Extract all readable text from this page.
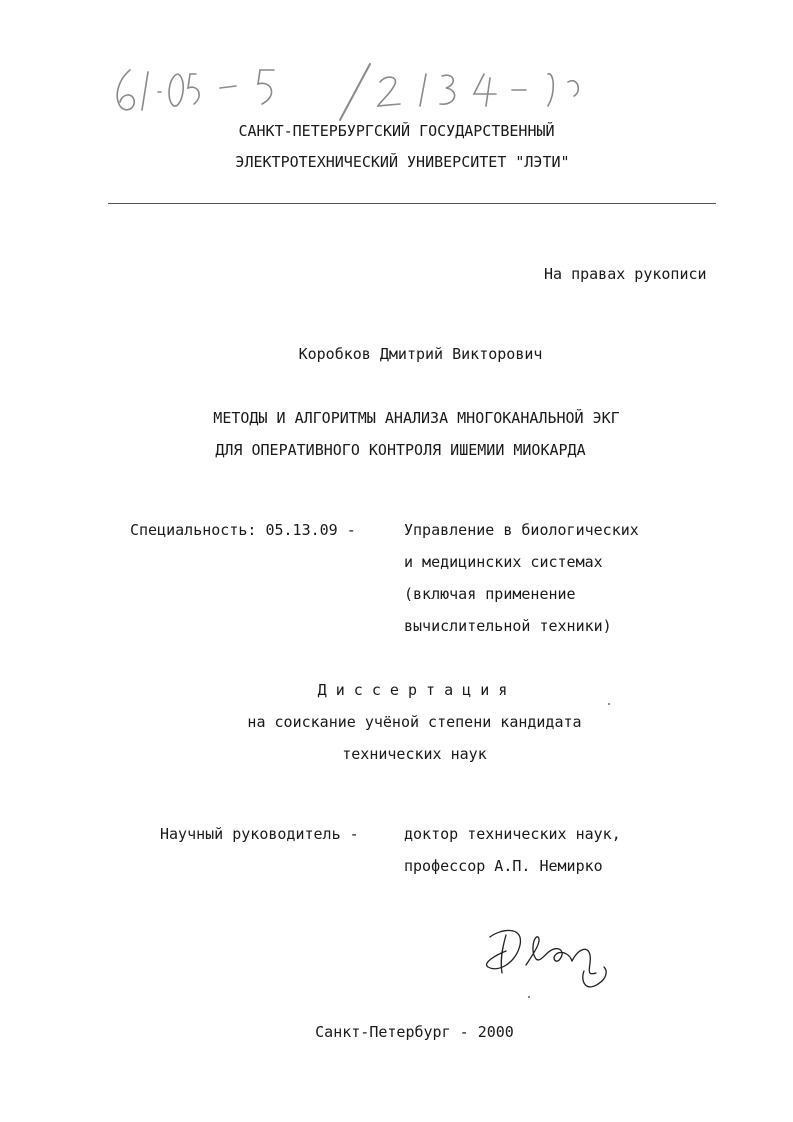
САНКТ-ПЕТЕРБУРГСКИЙ ГОСУДАРСТВЕННЫЙ
ЭЛЕКТРОТЕХНИЧЕСКИЙ УНИВЕРСИТЕТ "ЛЭТИ"
На правах рукописи
Коробков Дмитрий Викторович
МЕТОДЫ И АЛГОРИТМЫ АНАЛИЗА МНОГОКАНАЛЬНОЙ ЭКГ
ДЛЯ ОПЕРАТИВНОГО КОНТРОЛЯ ИШЕМИИ МИОКАРДА
Специальность: 05.13.09 -	Управление в биологических
и медицинских системах
(включая применение
вычислительной техники)
Д и с с е р т а ц и я
на соискание учёной степени кандидата
технических наук
Научный руководитель -	доктор технических наук,
профессор А.П. Немирко
Санкт-Петербург - 2000
